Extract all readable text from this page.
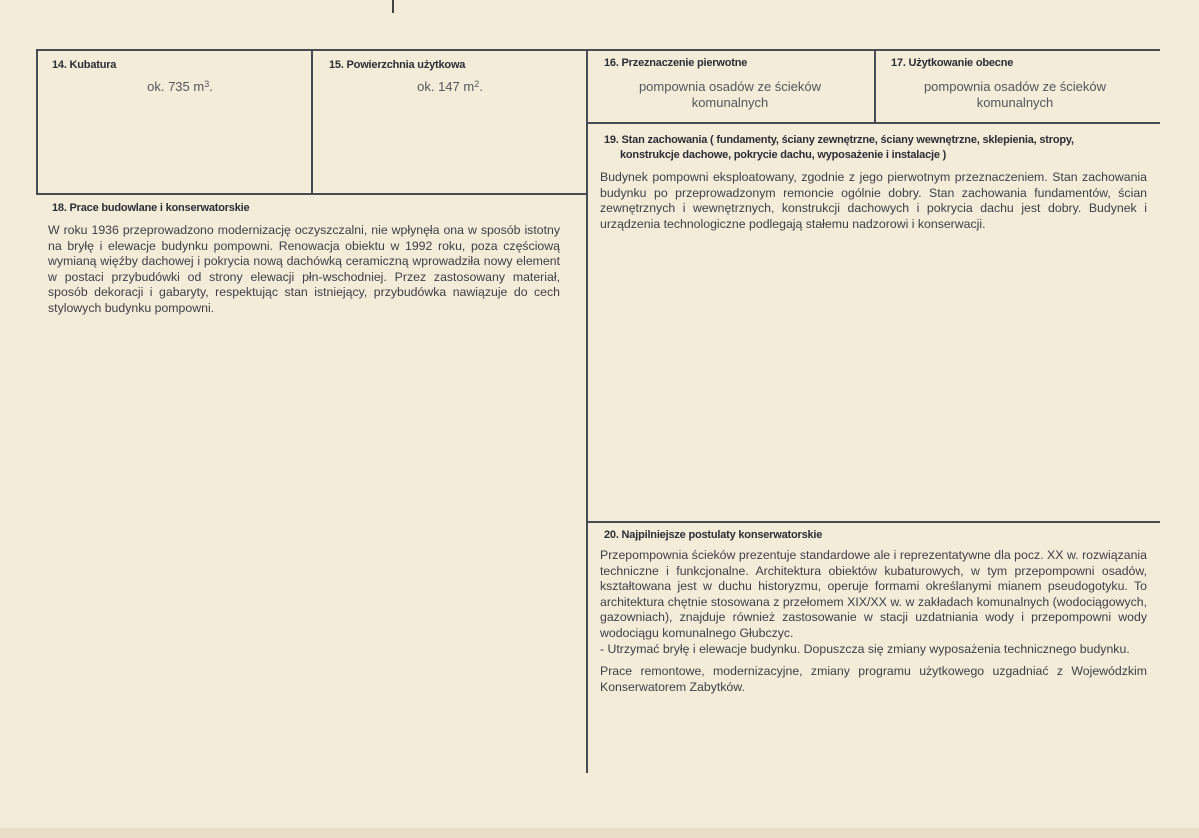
14. Kubatura
ok. 735 $m^3$.
15. Powierzchnia użytkowa
ok. 147 $m^2$.
16. Przeznaczenie pierwotne
pompownia osadów ze ścieków komunalnych
17. Użytkowanie obecne
pompownia osadów ze ścieków komunalnych
18. Prace budowlane i konserwatorskie

W roku 1936 przeprowadzono modernizację oczyszczalni, nie wpłynęła ona w sposób istotny na bryłę i elewacje budynku pompowni. Renowacja obiektu w 1992 roku, poza częściową wymianą więźby dachowej i pokrycia nową dachówką ceramiczną wprowadziła nowy element w postaci przybudówki od strony elewacji płn-wschodniej. Przez zastosowany materiał, sposób dekoracji i gabaryty, respektując stan istniejący, przybudówka nawiązuje do cech stylowych budynku pompowni.

19. Stan zachowania ( fundamenty, ściany zewnętrzne, ściany wewnętrzne, sklepienia, stropy,
konstrukcje dachowe, pokrycie dachu, wyposażenie i instalacje )

Budynek pompowni eksploatowany, zgodnie z jego pierwotnym przeznaczeniem. Stan zachowania budynku po przeprowadzonym remoncie ogólnie dobry. Stan zachowania fundamentów, ścian zewnętrznych i wewnętrznych, konstrukcji dachowych i pokrycia dachu jest dobry. Budynek i urządzenia technologiczne podlegają stałemu nadzorowi i konserwacji.

20. Najpilniejsze postulaty konserwatorskie

Przepompownia ścieków prezentuje standardowe ale i reprezentatywne dla pocz. XX w. rozwiązania techniczne i funkcjonalne. Architektura obiektów kubaturowych, w tym przepompowni osadów, kształtowana jest w duchu historyzmu, operuje formami określanymi mianem pseudogotyku. To architektura chętnie stosowana z przełomem XIX/XX w. w zakładach komunalnych (wodociągowych, gazowniach), znajduje również zastosowanie w stacji uzdatniania wody i przepompowni wody wodociągu komunalnego Głubczyc.

- Utrzymać bryłę i elewacje budynku. Dopuszcza się zmiany wyposażenia technicznego budynku.

Prace remontowe, modernizacyjne, zmiany programu użytkowego uzgadniać z Wojewódzkim Konserwatorem Zabytków.
